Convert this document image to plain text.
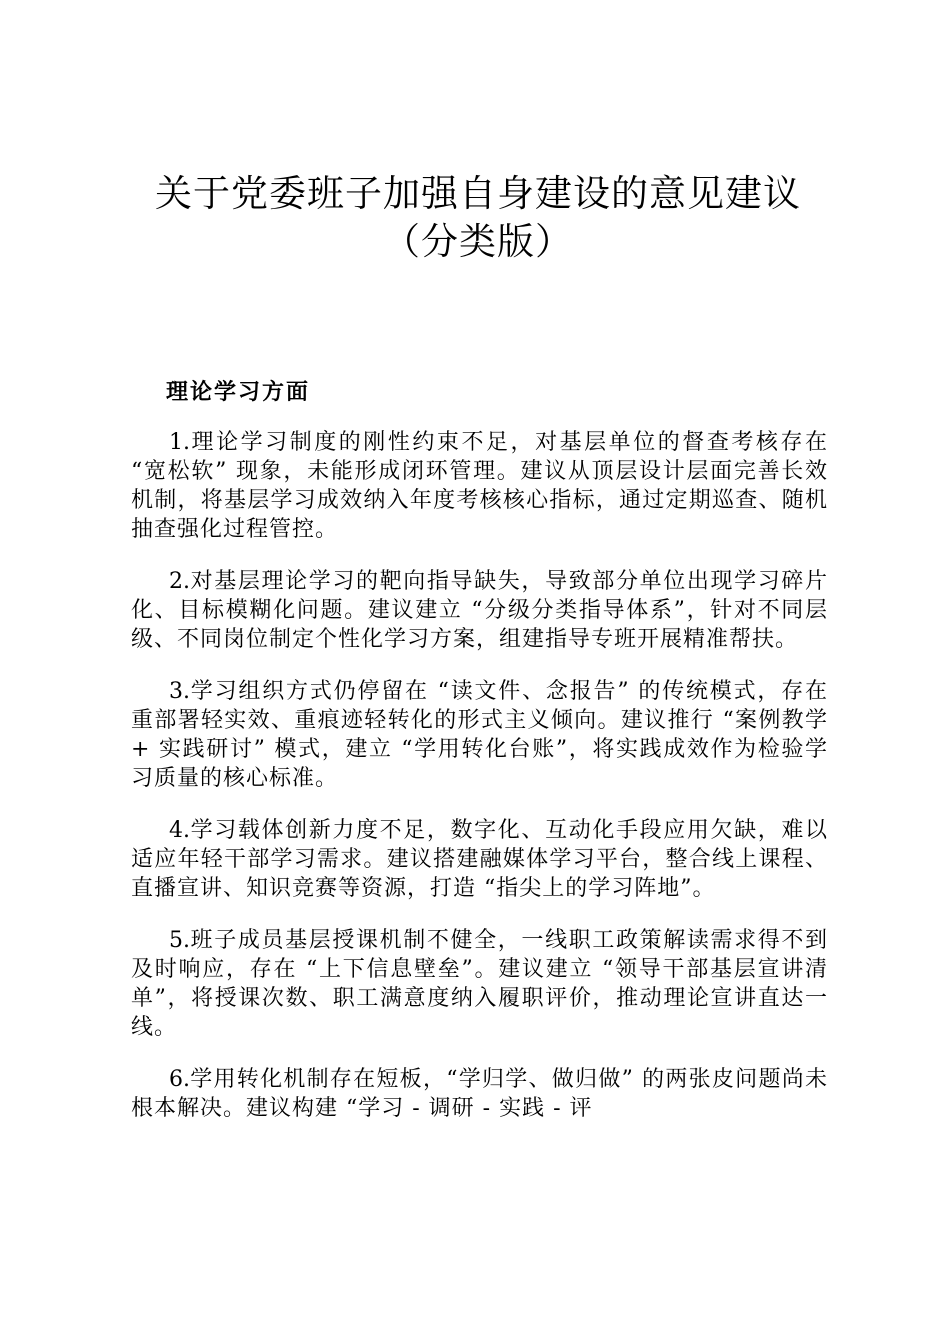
关于党委班子加强自身建设的意见建议（分类版）
理论学习方面

1.理论学习制度的刚性约束不足，对基层单位的督查考核存在 “宽松软” 现象，未能形成闭环管理。建议从顶层设计层面完善长效机制，将基层学习成效纳入年度考核核心指标，通过定期巡查、随机抽查强化过程管控。

2.对基层理论学习的靶向指导缺失，导致部分单位出现学习碎片化、目标模糊化问题。建议建立 “分级分类指导体系”，针对不同层级、不同岗位制定个性化学习方案，组建指导专班开展精准帮扶。

3.学习组织方式仍停留在 “读文件、念报告” 的传统模式，存在重部署轻实效、重痕迹轻转化的形式主义倾向。建议推行 “案例教学 + 实践研讨” 模式，建立 “学用转化台账”，将实践成效作为检验学习质量的核心标准。

4.学习载体创新力度不足，数字化、互动化手段应用欠缺，难以适应年轻干部学习需求。建议搭建融媒体学习平台，整合线上课程、直播宣讲、知识竞赛等资源，打造 “指尖上的学习阵地”。

5.班子成员基层授课机制不健全，一线职工政策解读需求得不到及时响应，存在 “上下信息壁垒”。建议建立 “领导干部基层宣讲清单”，将授课次数、职工满意度纳入履职评价，推动理论宣讲直达一线。

6.学用转化机制存在短板，“学归学、做归做” 的两张皮问题尚未根本解决。建议构建 “学习 - 调研 - 实践 - 评
